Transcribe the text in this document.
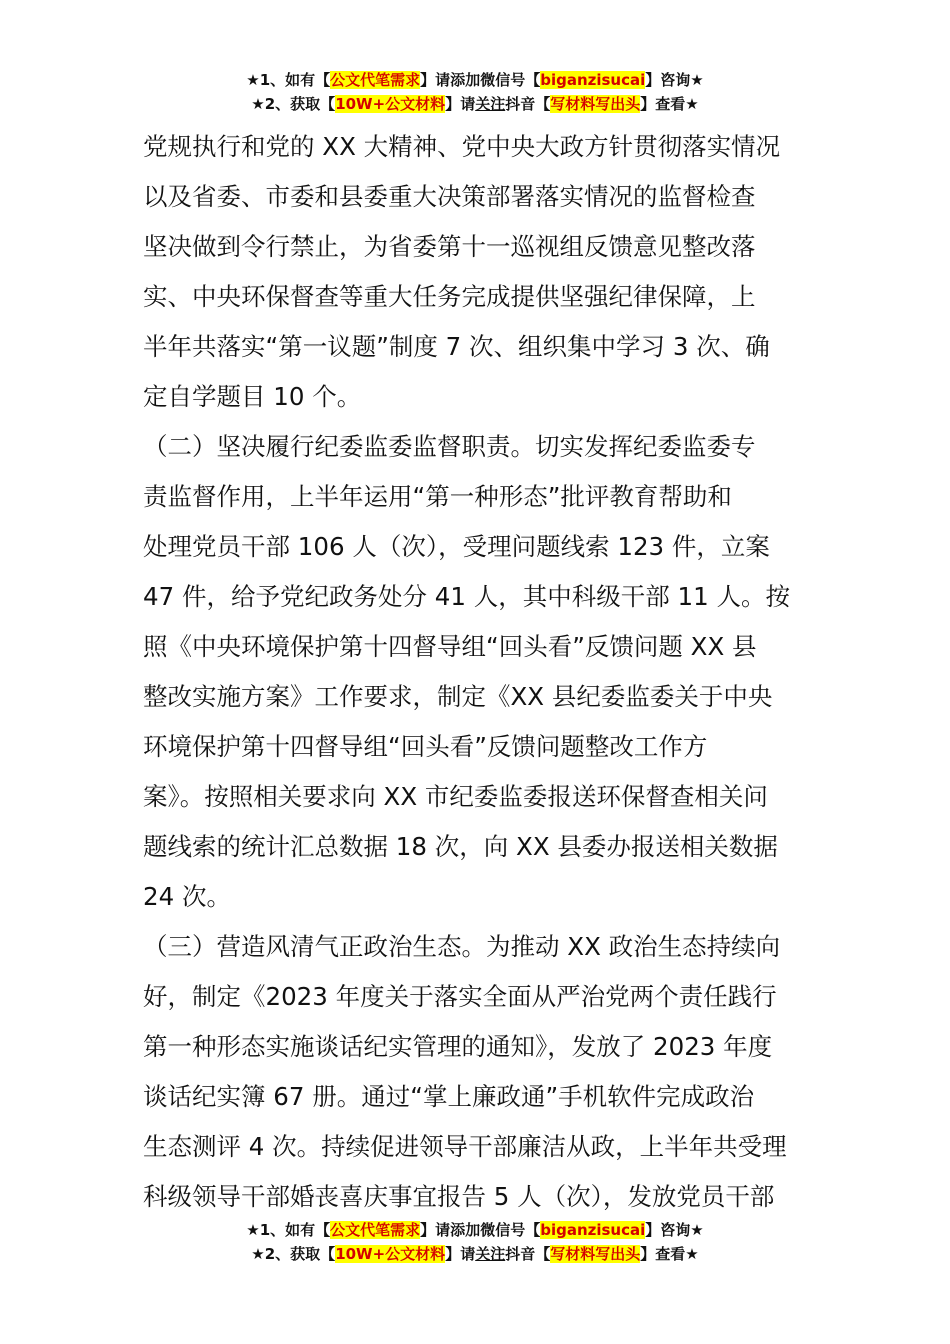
★1、如有【公文代笔需求】请添加微信号【biganzisucai】咨询★
★2、获取【10W+公文材料】请关注抖音【写材料写出头】查看★

党规执行和党的 XX 大精神、党中央大政方针贯彻落实情况

以及省委、市委和县委重大决策部署落实情况的监督检查

坚决做到令行禁止，为省委第十一巡视组反馈意见整改落

实、中央环保督查等重大任务完成提供坚强纪律保障，上

半年共落实“第一议题”制度 7 次、组织集中学习 3 次、确

定自学题目 10 个。

（二）坚决履行纪委监委监督职责。切实发挥纪委监委专

责监督作用，上半年运用“第一种形态”批评教育帮助和

处理党员干部 106 人（次），受理问题线索 123 件，立案

47 件，给予党纪政务处分 41 人，其中科级干部 11 人。按

照《中央环境保护第十四督导组“回头看”反馈问题 XX 县

整改实施方案》工作要求，制定《XX 县纪委监委关于中央

环境保护第十四督导组“回头看”反馈问题整改工作方

案》。按照相关要求向 XX 市纪委监委报送环保督查相关问

题线索的统计汇总数据 18 次，向 XX 县委办报送相关数据

24 次。

（三）营造风清气正政治生态。为推动 XX 政治生态持续向

好，制定《2023 年度关于落实全面从严治党两个责任践行

第一种形态实施谈话纪实管理的通知》，发放了 2023 年度

谈话纪实簿 67 册。通过“掌上廉政通”手机软件完成政治

生态测评 4 次。持续促进领导干部廉洁从政，上半年共受理

科级领导干部婚丧喜庆事宜报告 5 人（次），发放党员干部

★1、如有【公文代笔需求】请添加微信号【biganzisucai】咨询★
★2、获取【10W+公文材料】请关注抖音【写材料写出头】查看★
